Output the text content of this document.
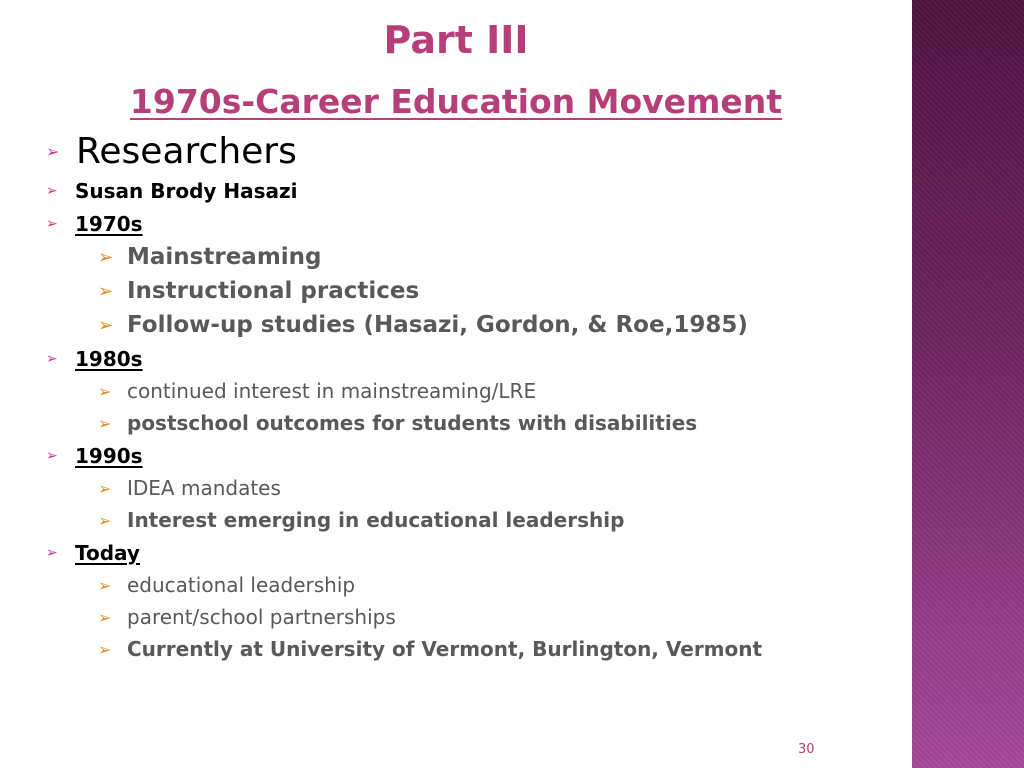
Part III
1970s-Career Education Movement
➢ Researchers
➢ Susan Brody Hasazi
➢ 1970s
➢ Mainstreaming
➢ Instructional practices
➢ Follow-up studies (Hasazi, Gordon, & Roe,1985)
➢ 1980s
➢ continued interest in mainstreaming/LRE
➢ postschool outcomes for students with disabilities
➢ 1990s
➢ IDEA mandates
➢ Interest emerging in educational leadership
➢ Today
➢ educational leadership
➢ parent/school partnerships
➢ Currently at University of Vermont, Burlington, Vermont
30
